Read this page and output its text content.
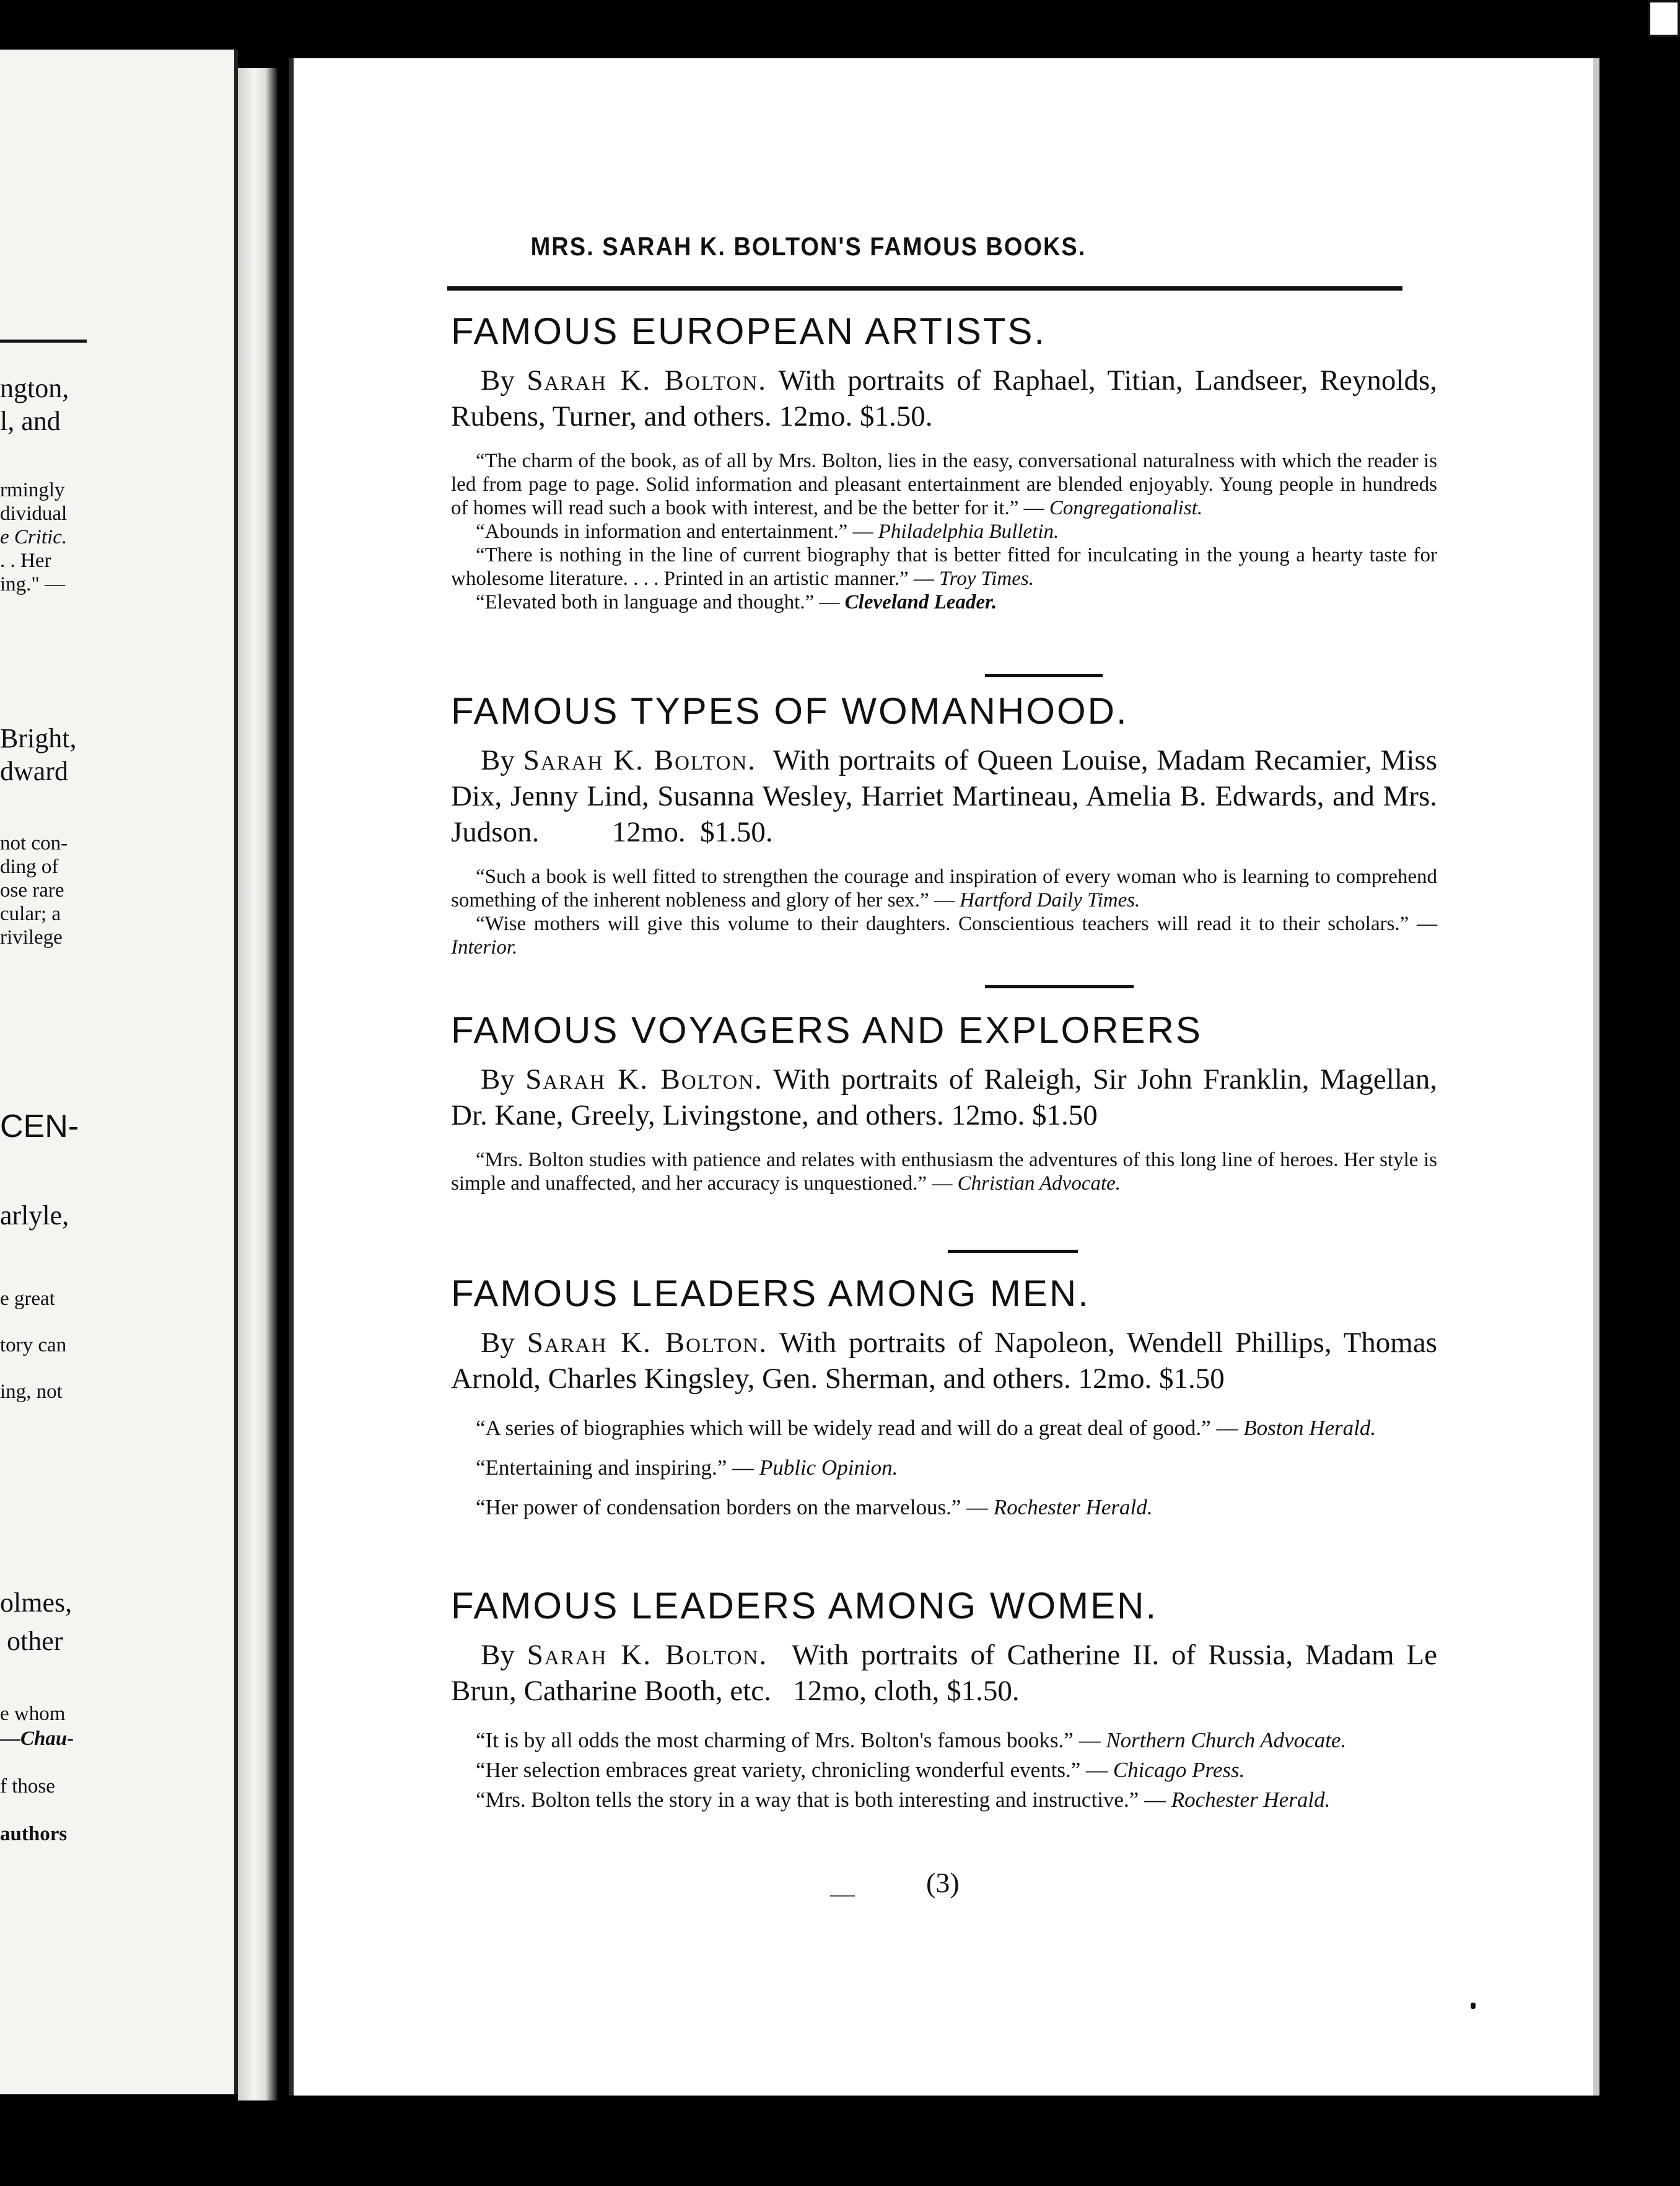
ngton,
l, and
rmingly
dividual
e Critic.
. . Her
ing." —
Bright,
dward
not con-
ding of
ose rare
cular; a
rivilege
CEN-
arlyle,
e great
tory can
ing, not
olmes,
other
e whom
—Chau-
f those
authors
MRS. SARAH K. BOLTON'S FAMOUS BOOKS.
FAMOUS EUROPEAN ARTISTS.

By Sarah K. Bolton. With portraits of Raphael, Titian, Landseer, Reynolds, Rubens, Turner, and others. 12mo. $1.50.

“The charm of the book, as of all by Mrs. Bolton, lies in the easy, conversational naturalness with which the reader is led from page to page. Solid information and pleasant entertainment are blended enjoyably. Young people in hundreds of homes will read such a book with interest, and be the better for it.” — Congregationalist.

“Abounds in information and entertainment.” — Philadelphia Bulletin.

“There is nothing in the line of current biography that is better fitted for inculcating in the young a hearty taste for wholesome literature. . . . Printed in an artistic manner.” — Troy Times.

“Elevated both in language and thought.” — Cleveland Leader.

FAMOUS TYPES OF WOMANHOOD.

By Sarah K. Bolton.  With portraits of Queen Louise, Madam Recamier, Miss Dix, Jenny Lind, Susanna Wesley, Harriet Martineau, Amelia B. Edwards, and Mrs. Judson.          12mo.  $1.50.

“Such a book is well fitted to strengthen the courage and inspiration of every woman who is learning to comprehend something of the inherent nobleness and glory of her sex.” — Hartford Daily Times.

“Wise mothers will give this volume to their daughters. Conscientious teachers will read it to their scholars.” — Interior.

FAMOUS VOYAGERS AND EXPLORERS

By Sarah K. Bolton. With portraits of Raleigh, Sir John Franklin, Magellan, Dr. Kane, Greely, Livingstone, and others. 12mo. $1.50

“Mrs. Bolton studies with patience and relates with enthusiasm the adventures of this long line of heroes. Her style is simple and unaffected, and her accuracy is unquestioned.” — Christian Advocate.

FAMOUS LEADERS AMONG MEN.

By Sarah K. Bolton. With portraits of Napoleon, Wendell Phillips, Thomas Arnold, Charles Kingsley, Gen. Sherman, and others. 12mo. $1.50

“A series of biographies which will be widely read and will do a great deal of good.” — Boston Herald.

“Entertaining and inspiring.” — Public Opinion.

“Her power of condensation borders on the marvelous.” — Rochester Herald.

FAMOUS LEADERS AMONG WOMEN.

By Sarah K. Bolton.  With portraits of Catherine II. of Russia, Madam Le Brun, Catharine Booth, etc.   12mo, cloth, $1.50.

“It is by all odds the most charming of Mrs. Bolton's famous books.” — Northern Church Advocate.

“Her selection embraces great variety, chronicling wonderful events.” — Chicago Press.

“Mrs. Bolton tells the story in a way that is both interesting and instructive.” — Rochester Herald.

(3)
